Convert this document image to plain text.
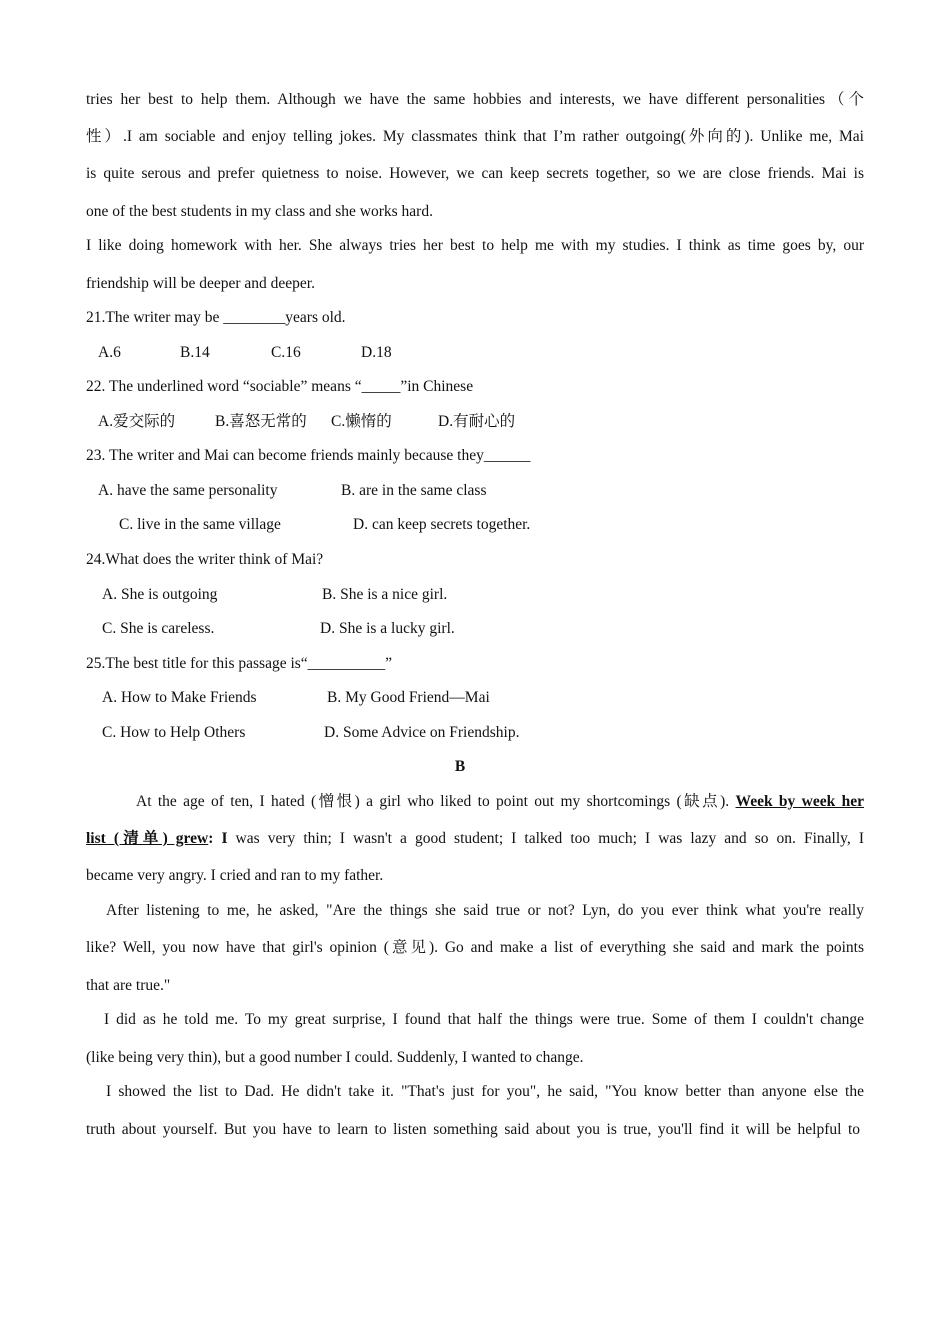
tries her best to help them. Although we have the same hobbies and interests, we have different personalities（个
性）.I am sociable and enjoy telling jokes. My classmates think that I’m rather outgoing(外向的). Unlike me, Mai
is quite serous and prefer quietness to noise. However, we can keep secrets together, so we are close friends. Mai is
one of the best students in my class and she works hard.
I like doing homework with her. She always tries her best to help me with my studies. I think as time goes by, our
friendship will be deeper and deeper.
21.The writer may be ________years old.
A.6	B.14	C.16	D.18
22. The underlined word “sociable” means “_____”in Chinese
A.爱交际的	B.喜怒无常的 C.懒惰的	D.有耐心的
23. The writer and Mai can become friends mainly because they______
A. have the same personality	B. are in the same class
C. live in the same village	D. can keep secrets together.
24.What does the writer think of Mai?
A. She is outgoing	B. She is a nice girl.
C. She is careless.	D. She is a lucky girl.
25.The best title for this passage is“__________”
A. How to Make Friends	B. My Good Friend—Mai
C. How to Help Others	D. Some Advice on Friendship.
B
At the age of ten, I hated (憎恨) a girl who liked to point out my shortcomings (缺点). Week by week her
list (清单) grew: I was very thin; I wasn't a good student; I talked too much; I was lazy and so on. Finally, I
became very angry. I cried and ran to my father.
After listening to me, he asked, "Are the things she said true or not? Lyn, do you ever think what you're really
like? Well, you now have that girl's opinion (意见). Go and make a list of everything she said and mark the points
that are true."
I did as he told me. To my great surprise, I found that half the things were true. Some of them I couldn't change
(like being very thin), but a good number I could. Suddenly, I wanted to change.
I showed the list to Dad. He didn't take it. "That's just for you", he said, "You know better than anyone else the
truth about yourself. But you have to learn to listen something said about you is true, you'll find it will be helpful to
